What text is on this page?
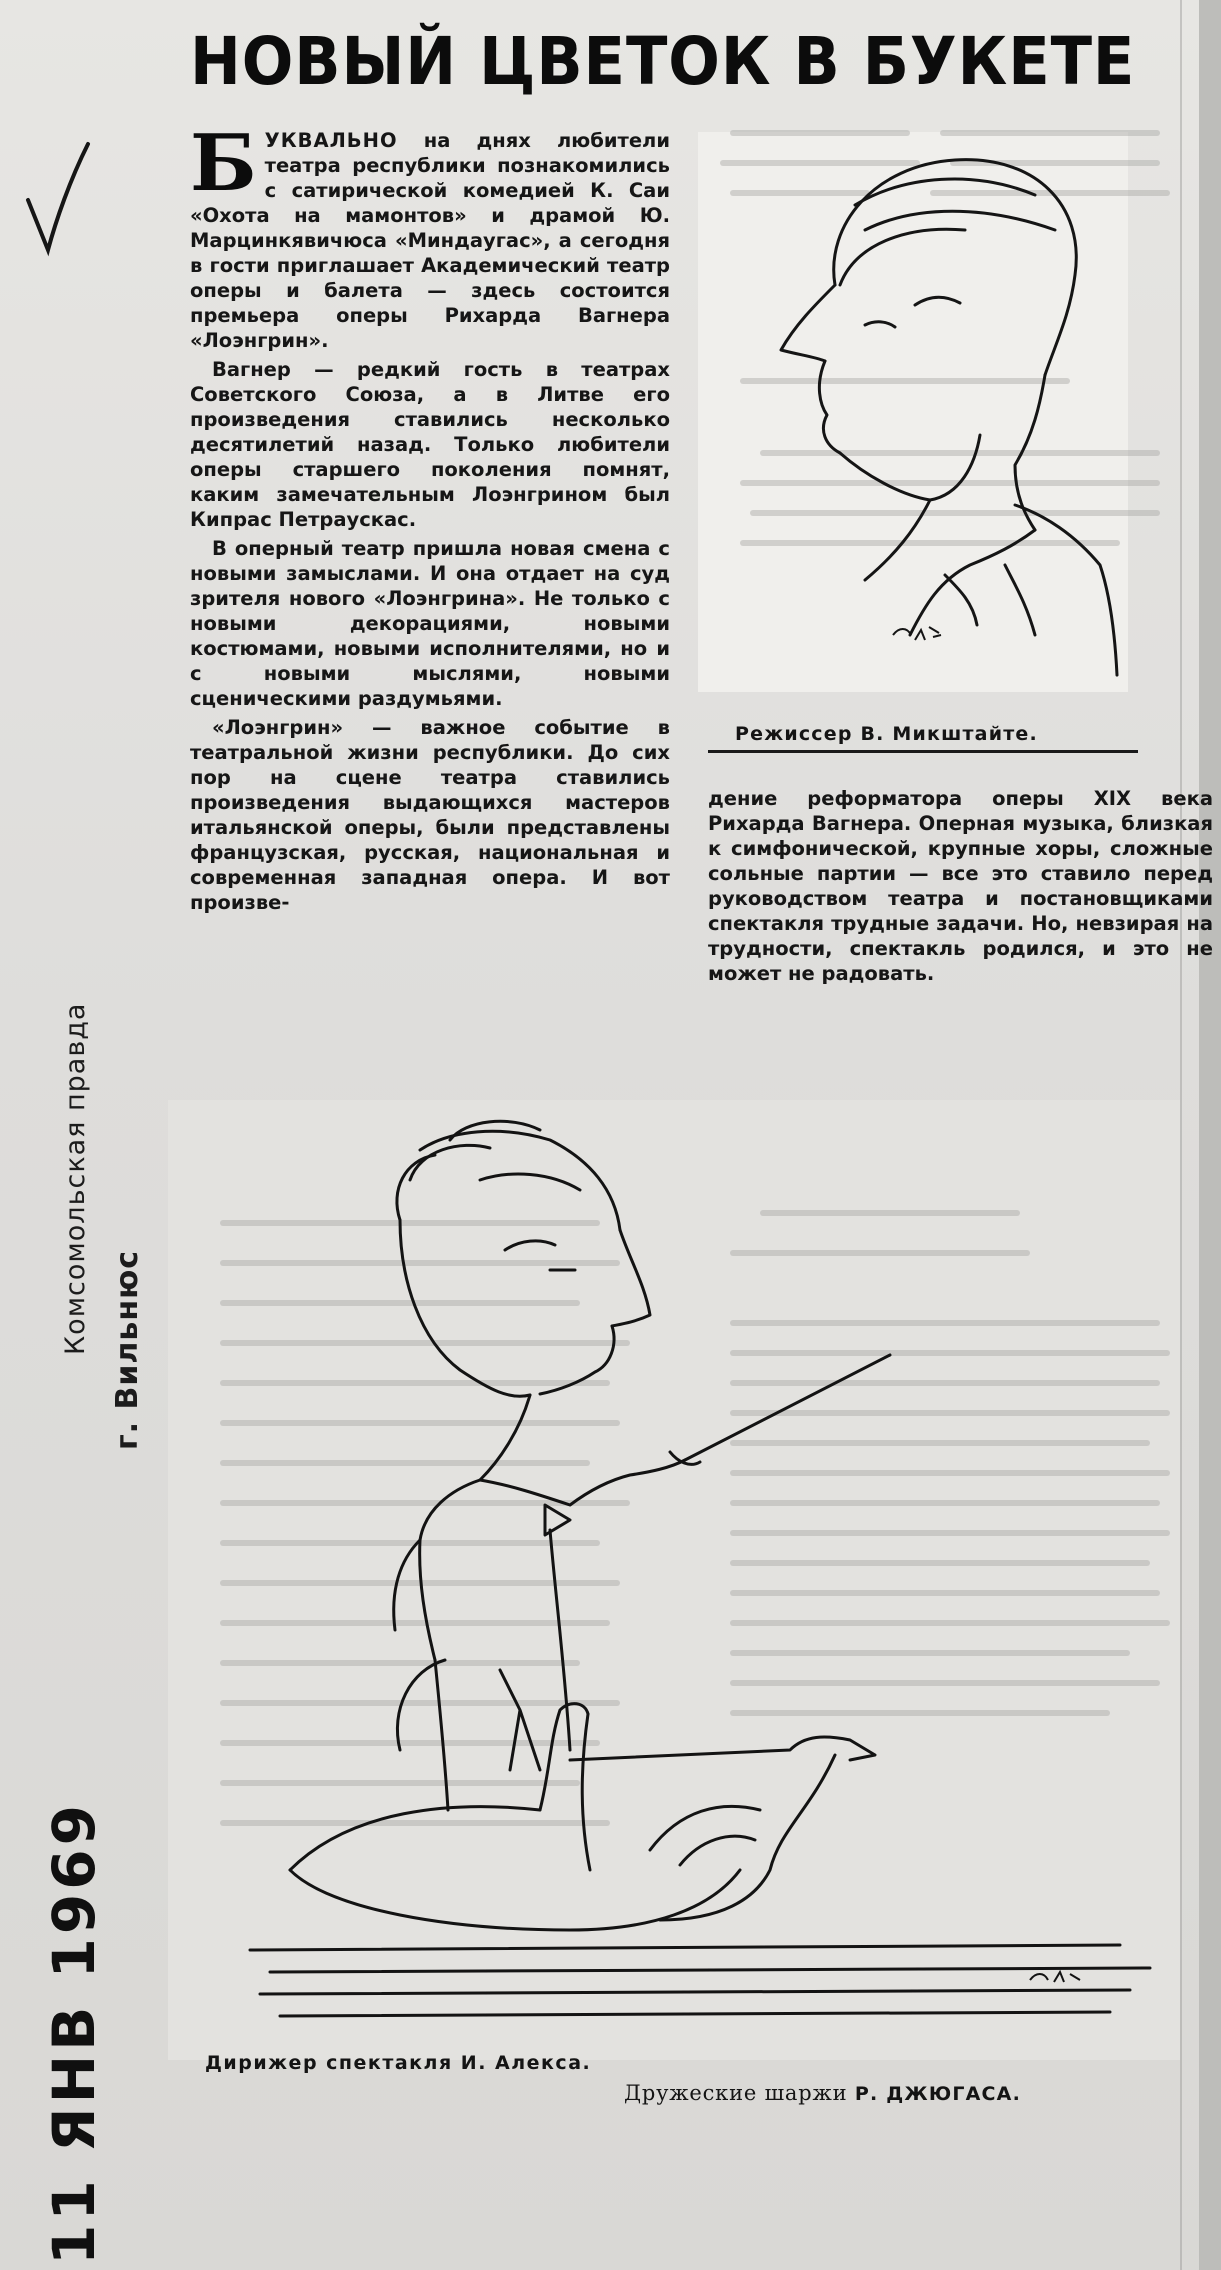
НОВЫЙ ЦВЕТОК В БУКЕТЕ

БУКВАЛЬНО на днях любители театра республики познакомились с сатирической комедией К. Саи «Охота на мамонтов» и драмой Ю. Марцинкявичюса «Миндаугас», а сегодня в гости приглашает Академический театр оперы и балета — здесь состоится премьера оперы Рихарда Вагнера «Лоэнгрин».

Вагнер — редкий гость в театрах Советского Союза, а в Литве его произведения ставились несколько десятилетий назад. Только любители оперы старшего поколения помнят, каким замечательным Лоэнгрином был Кипрас Петраускас.

В оперный театр пришла новая смена с новыми замыслами. И она отдает на суд зрителя нового «Лоэнгрина». Не только с новыми декорациями, новыми костюмами, новыми исполнителями, но и с новыми мыслями, новыми сценическими раздумьями.

«Лоэнгрин» — важное событие в театральной жизни республики. До сих пор на сцене театра ставились произведения выдающихся мастеров итальянской оперы, были представлены французская, русская, национальная и современная западная опера. И вот произве-

Режиссер В. Микштайте.

дение реформатора оперы XIX века Рихарда Вагнера. Оперная музыка, близкая к симфонической, крупные хоры, сложные сольные партии — все это ставило перед руководством театра и постановщиками спектакля трудные задачи. Но, невзирая на трудности, спектакль родился, и это не может не радовать.

Дирижер спектакля И. Алекса.
Дружеские шаржи Р. ДЖЮГАСА.
Комсомольская правда г. Вильнюс
11 ЯНВ 1969
